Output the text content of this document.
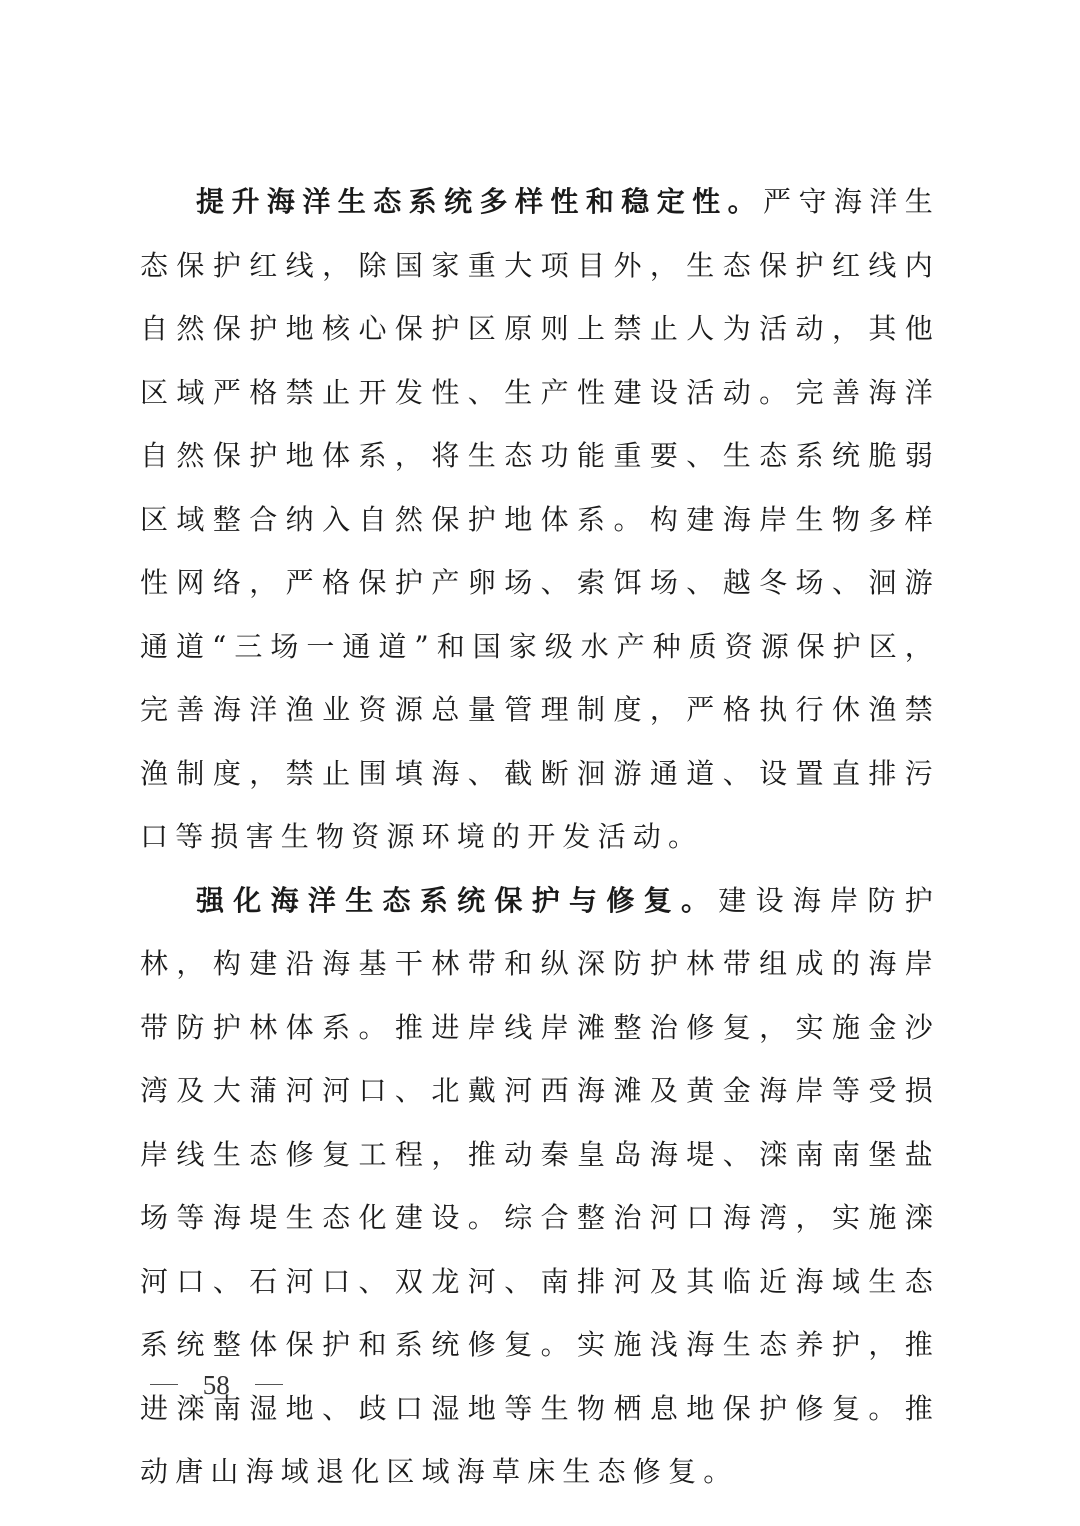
提升海洋生态系统多样性和稳定性。严守海洋生态保护红线，除国家重大项目外，生态保护红线内自然保护地核心保护区原则上禁止人为活动，其他区域严格禁止开发性、生产性建设活动。完善海洋自然保护地体系，将生态功能重要、生态系统脆弱区域整合纳入自然保护地体系。构建海岸生物多样性网络，严格保护产卵场、索饵场、越冬场、洄游通道“三场一通道”和国家级水产种质资源保护区，完善海洋渔业资源总量管理制度，严格执行休渔禁渔制度，禁止围填海、截断洄游通道、设置直排污口等损害生物资源环境的开发活动。

强化海洋生态系统保护与修复。建设海岸防护林，构建沿海基干林带和纵深防护林带组成的海岸带防护林体系。推进岸线岸滩整治修复，实施金沙湾及大蒲河河口、北戴河西海滩及黄金海岸等受损岸线生态修复工程，推动秦皇岛海堤、滦南南堡盐场等海堤生态化建设。综合整治河口海湾，实施滦河口、石河口、双龙河、南排河及其临近海域生态系统整体保护和系统修复。实施浅海生态养护，推进滦南湿地、歧口湿地等生物栖息地保护修复。推动唐山海域退化区域海草床生态修复。

58
